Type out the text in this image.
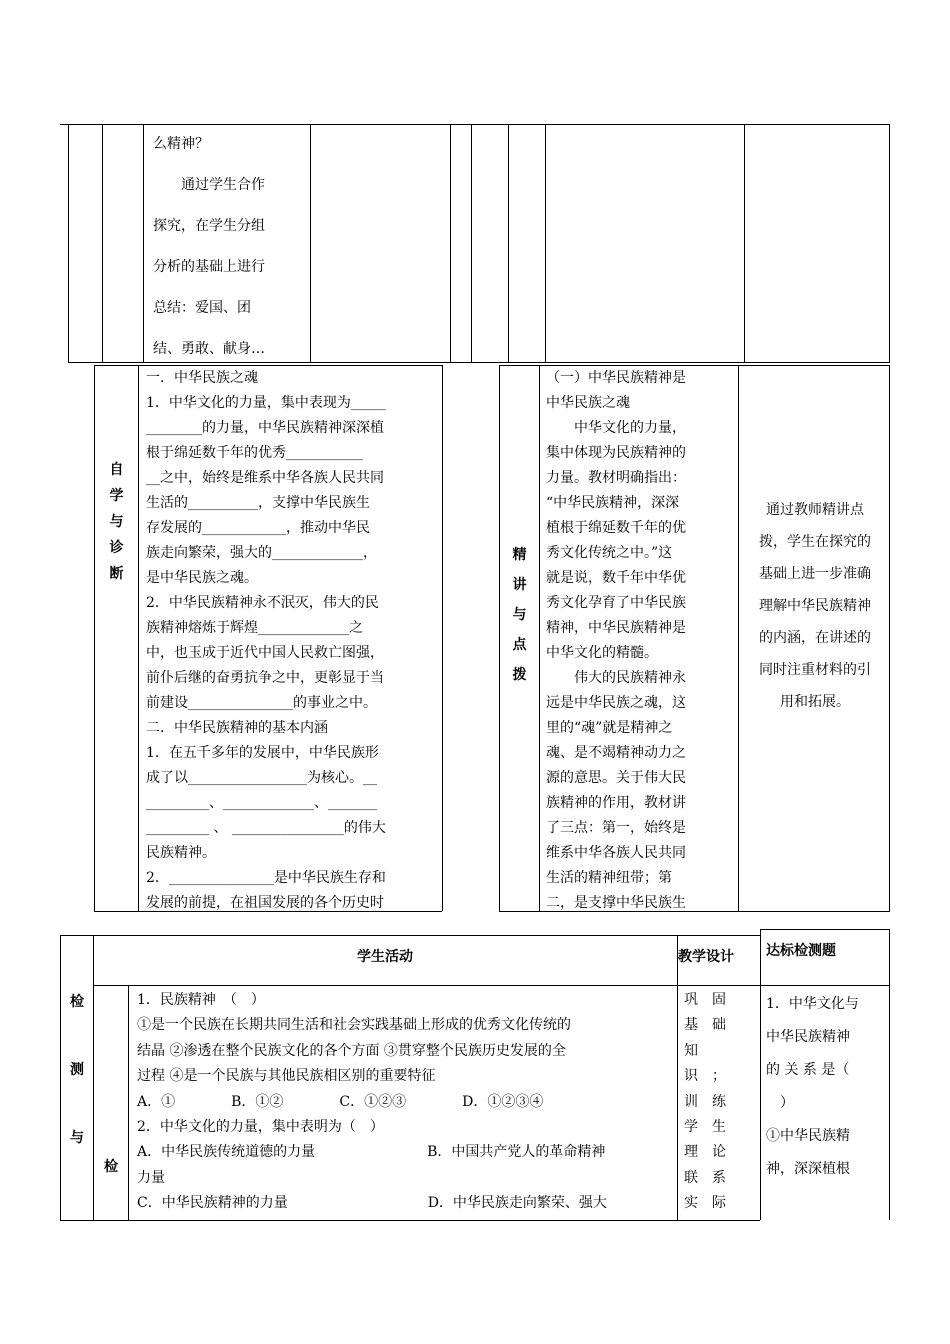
么精神？
　　通过学生合作
探究，在学生分组
分析的基础上进行
总结：爱国、团
结、勇敢、献身…
自
学
与
诊
断
一．中华民族之魂
1．中华文化的力量，集中表现为_____
________的力量，中华民族精神深深植
根于绵延数千年的优秀___________
__之中，始终是维系中华各族人民共同
生活的__________，支撑中华民族生
存发展的____________，推动中华民
族走向繁荣，强大的_____________，
是中华民族之魂。
2．中华民族精神永不泯灭，伟大的民
族精神熔炼于辉煌_____________之
中，也玉成于近代中国人民救亡图强，
前仆后继的奋勇抗争之中，更彰显于当
前建设_______________的事业之中。
二．中华民族精神的基本内涵
1．在五千多年的发展中，中华民族形
成了以_________________为核心。__
_________、_____________、_______
_________ 、 ________________的伟大
民族精神。
2．_______________是中华民族生存和
发展的前提，在祖国发展的各个历史时
精
讲
与
点
拨
（一）中华民族精神是
中华民族之魂
　　中华文化的力量，
集中体现为民族精神的
力量。教材明确指出：
“中华民族精神，深深
植根于绵延数千年的优
秀文化传统之中。”这
就是说，数千年中华优
秀文化孕育了中华民族
精神，中华民族精神是
中华文化的精髓。
　　伟大的民族精神永
远是中华民族之魂，这
里的“魂”就是精神之
魂、是不竭精神动力之
源的意思。关于伟大民
族精神的作用，教材讲
了三点：第一，始终是
维系中华各族人民共同
生活的精神纽带；第
二，是支撑中华民族生
通过教师精讲点
拨，学生在探究的
基础上进一步准确
理解中华民族精神
的内涵，在讲述的
同时注重材料的引
用和拓展。
检

测

与
学生活动	教学设计 达标检测题
检
1．民族精神　（　）
①是一个民族在长期共同生活和社会实践基础上形成的优秀文化传统的
结晶 ②渗透在整个民族文化的各个方面 ③贯穿整个民族历史发展的全
过程 ④是一个民族与其他民族相区别的重要特征
A．①　　　　B．①②　　　　C．①②③　　　　D．①②③④
2．中华文化的力量，集中表明为（　）
A．中华民族传统道德的力量　　　　　　　　B．中国共产党人的革命精神
力量
C．中华民族精神的力量　　　　　　　　　　D．中华民族走向繁荣、强大
巩　固
基　础
知
识　；
训　练
学　生
理　论
联　系
实　际
1．中华文化与
中华民族精神
的 关 系 是（
　）
①中华民族精
神，深深植根
